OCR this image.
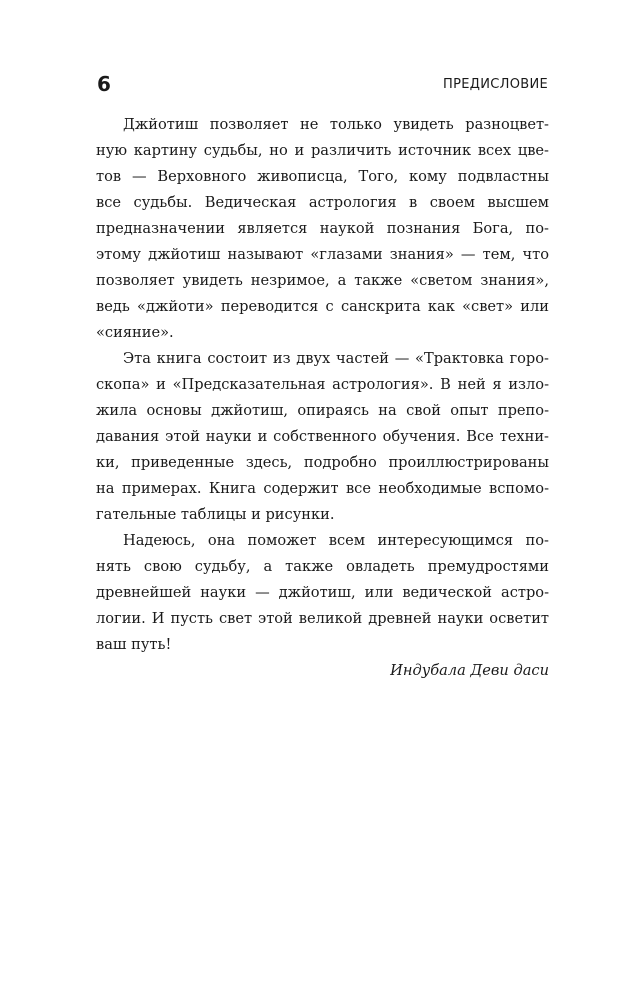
6	ПРЕДИСЛОВИЕ
Джйотиш позволяет не только увидеть разноцвет-
ную картину судьбы, но и различить источник всех цве-
тов — Верховного живописца, Того, кому подвластны
все судьбы. Ведическая астрология в своем высшем
предназначении является наукой познания Бога, по-
этому джйотиш называют «глазами знания» — тем, что
позволяет увидеть незримое, а также «светом знания»,
ведь «джйоти» переводится с санскрита как «свет» или
«сияние».
Эта книга состоит из двух частей — «Трактовка горо-
скопа» и «Предсказательная астрология». В ней я изло-
жила основы джйотиш, опираясь на свой опыт препо-
давания этой науки и собственного обучения. Все техни-
ки, приведенные здесь, подробно проиллюстрированы
на примерах. Книга содержит все необходимые вспомо-
гательные таблицы и рисунки.
Надеюсь, она поможет всем интересующимся по-
нять свою судьбу, а также овладеть премудростями
древнейшей науки — джйотиш, или ведической астро-
логии. И пусть свет этой великой древней науки осветит
ваш путь!
Индубала Деви даси
